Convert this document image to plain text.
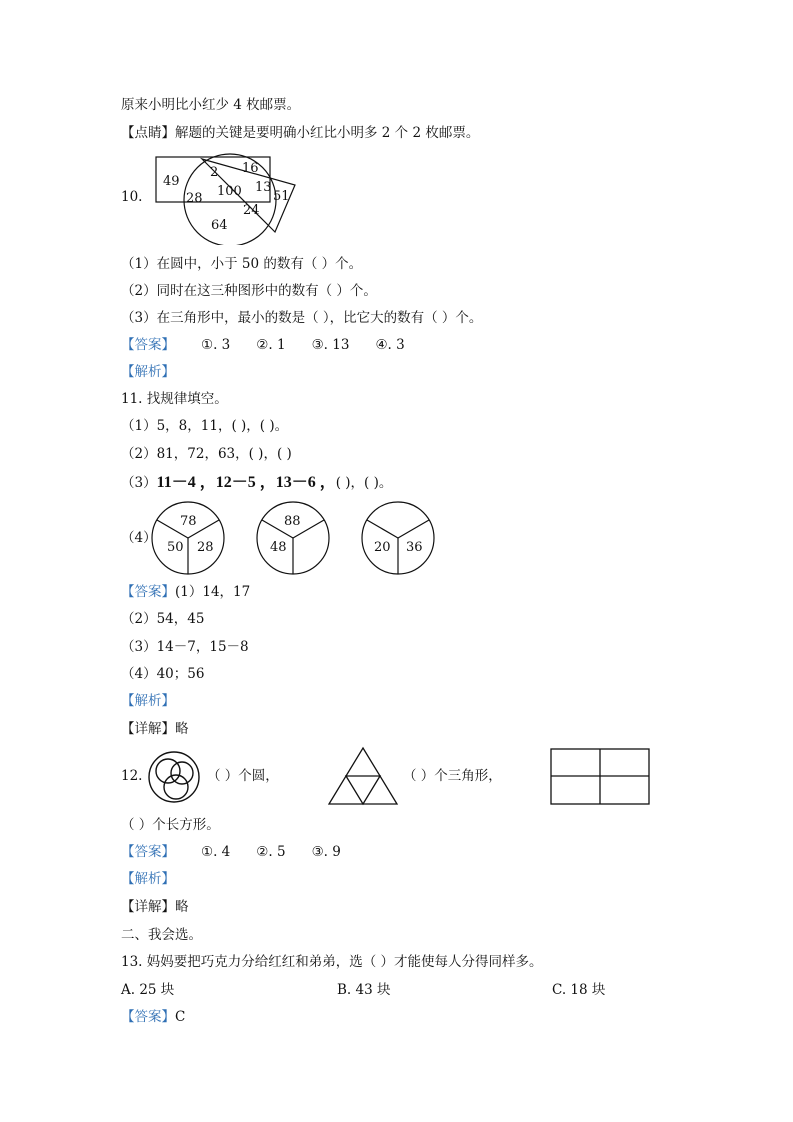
原来小明比小红少 4 枚邮票。
【点睛】解题的关键是要明确小红比小明多 2 个 2 枚邮票。
10.
49
2 16
100 13
51
28
24
64
（1）在圆中，小于 50 的数有（ ）个。
（2）同时在这三种图形中的数有（ ）个。
（3）在三角形中，最小的数是（ ），比它大的数有（ ）个。
【答案】 ①. 3 ②. 1 ③. 13 ④. 3
【解析】
11. 找规律填空。
（1）5，8，11，( )，( )。
（2）81，72，63，( )，( )
（3）11－4 ，12－5 ，13－6 ，( )，( )。
（4）
78
50 28
88
48	20 36
【答案】(1）14，17
（2）54，45
（3）14－7，15－8
（4）40；56
【解析】
【详解】略
12.	（ ）个圆，	（ ）个三角形，
（ ）个长方形。
【答案】 ①. 4 ②. 5 ③. 9
【解析】
【详解】略
二、我会选。
13. 妈妈要把巧克力分给红红和弟弟，选（ ）才能使每人分得同样多。
A. 25 块	B. 43 块	C. 18 块
【答案】C
